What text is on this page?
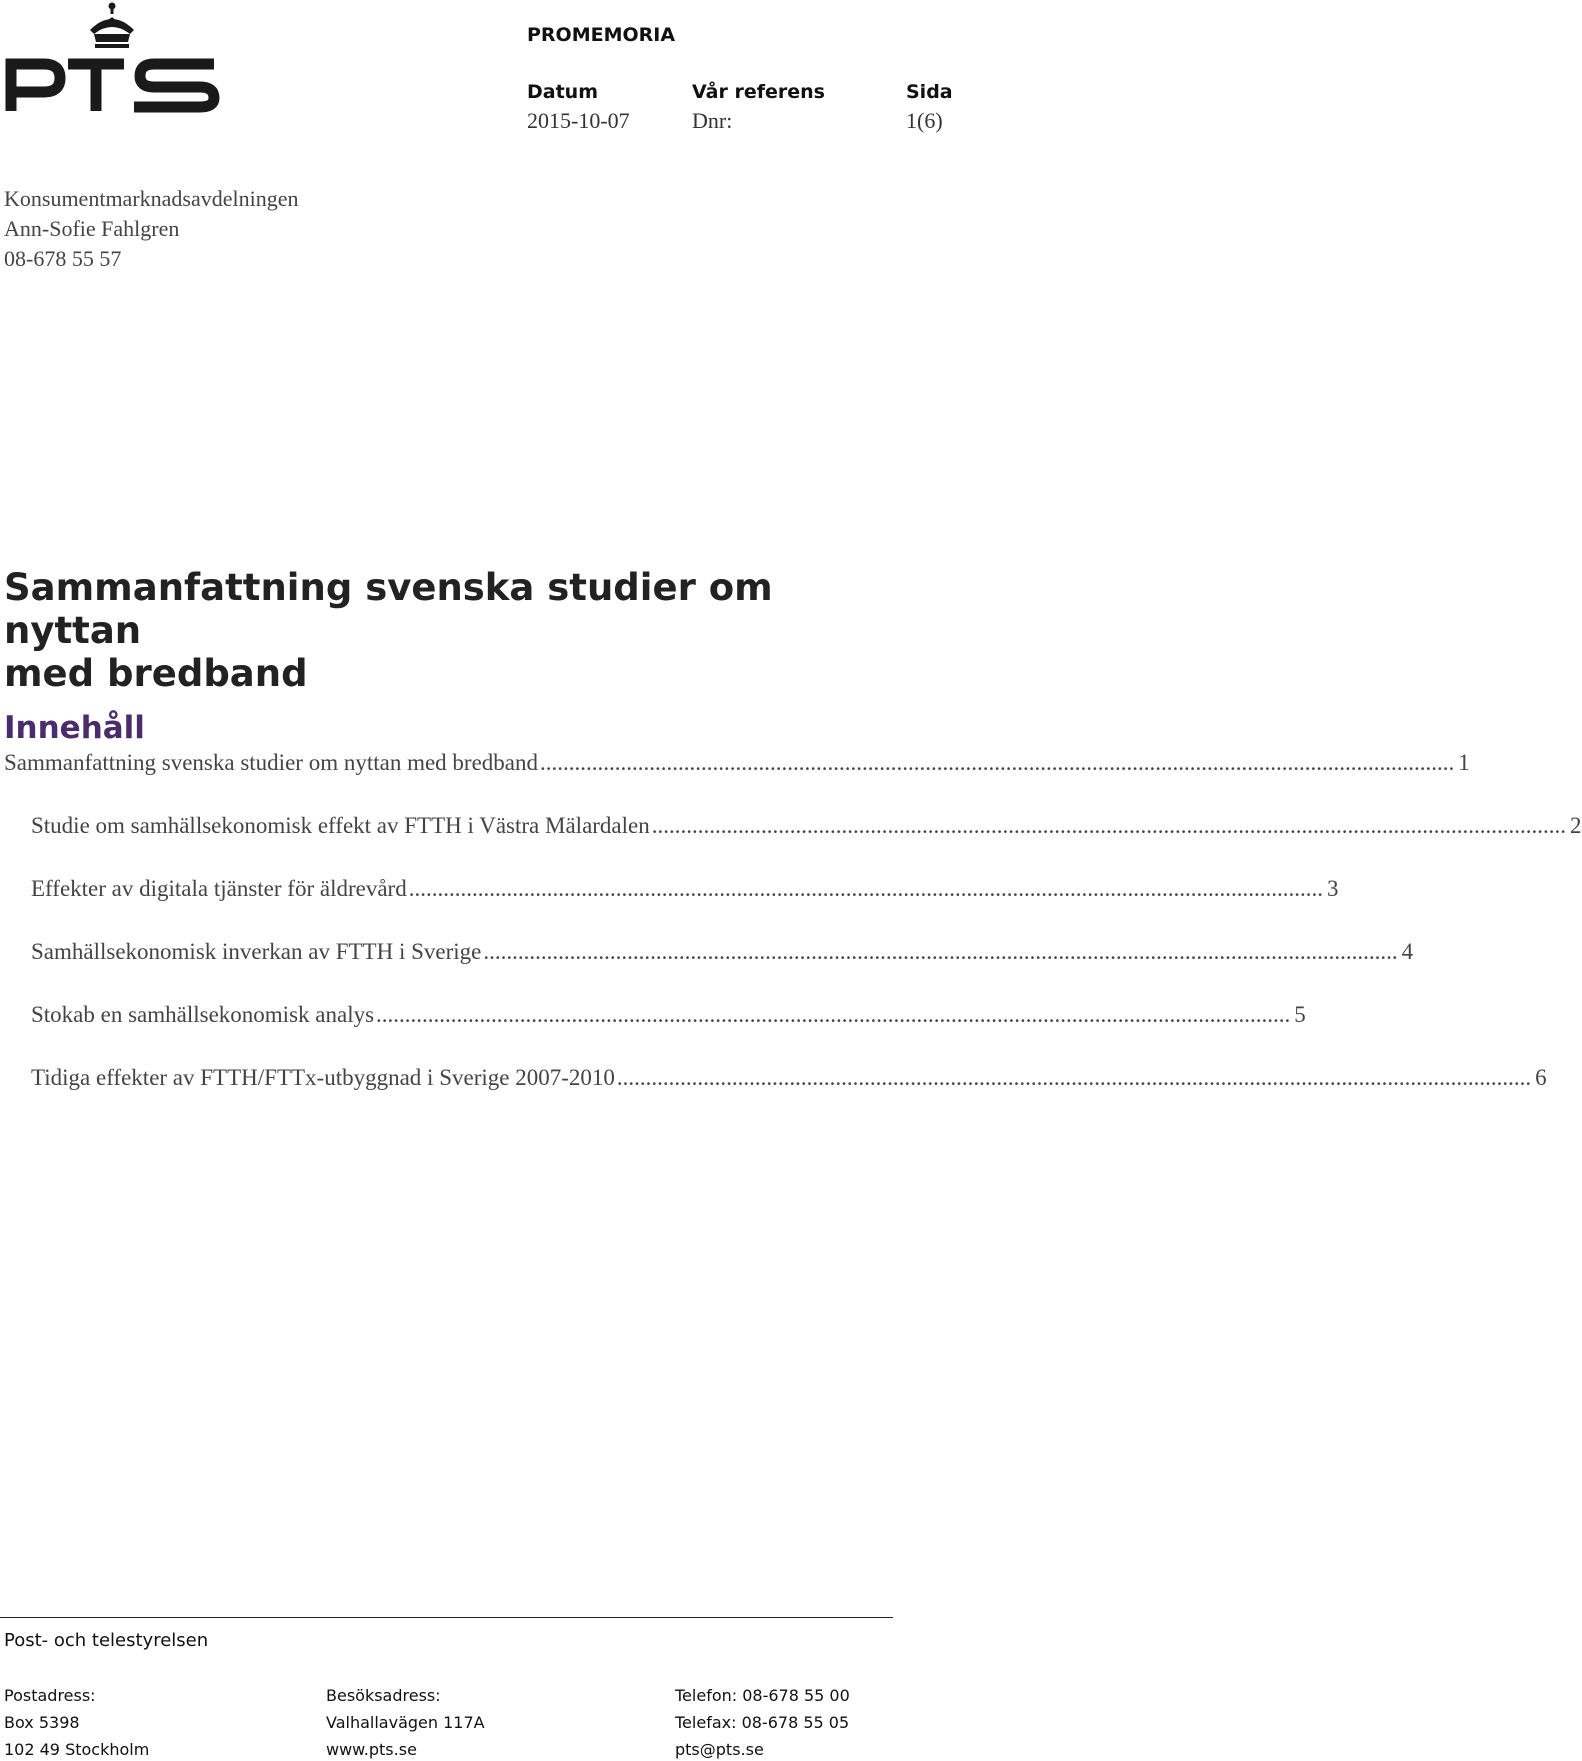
PROMEMORIA
Datum	Vår referens	Sida
2015-10-07	Dnr:	1(6)
Konsumentmarknadsavdelningen
Ann-Sofie Fahlgren
08-678 55 57
Sammanfattning svenska studier om nyttan
med bredband
Innehåll
Sammanfattning svenska studier om nyttan med bredband ............................................................................................................................................................... 1
Studie om samhällsekonomisk effekt av FTTH i Västra Mälardalen ............................................................................................................................................................... 2
Effekter av digitala tjänster för äldrevård ............................................................................................................................................................... 3
Samhällsekonomisk inverkan av FTTH i Sverige ............................................................................................................................................................... 4
Stokab en samhällsekonomisk analys ............................................................................................................................................................... 5
Tidiga effekter av FTTH/FTTx-utbyggnad i Sverige 2007-2010 ............................................................................................................................................................... 6
Post- och telestyrelsen
Postadress:
Box 5398
102 49 Stockholm
Besöksadress:
Valhallavägen 117A
www.pts.se
Telefon: 08-678 55 00
Telefax: 08-678 55 05
pts@pts.se
